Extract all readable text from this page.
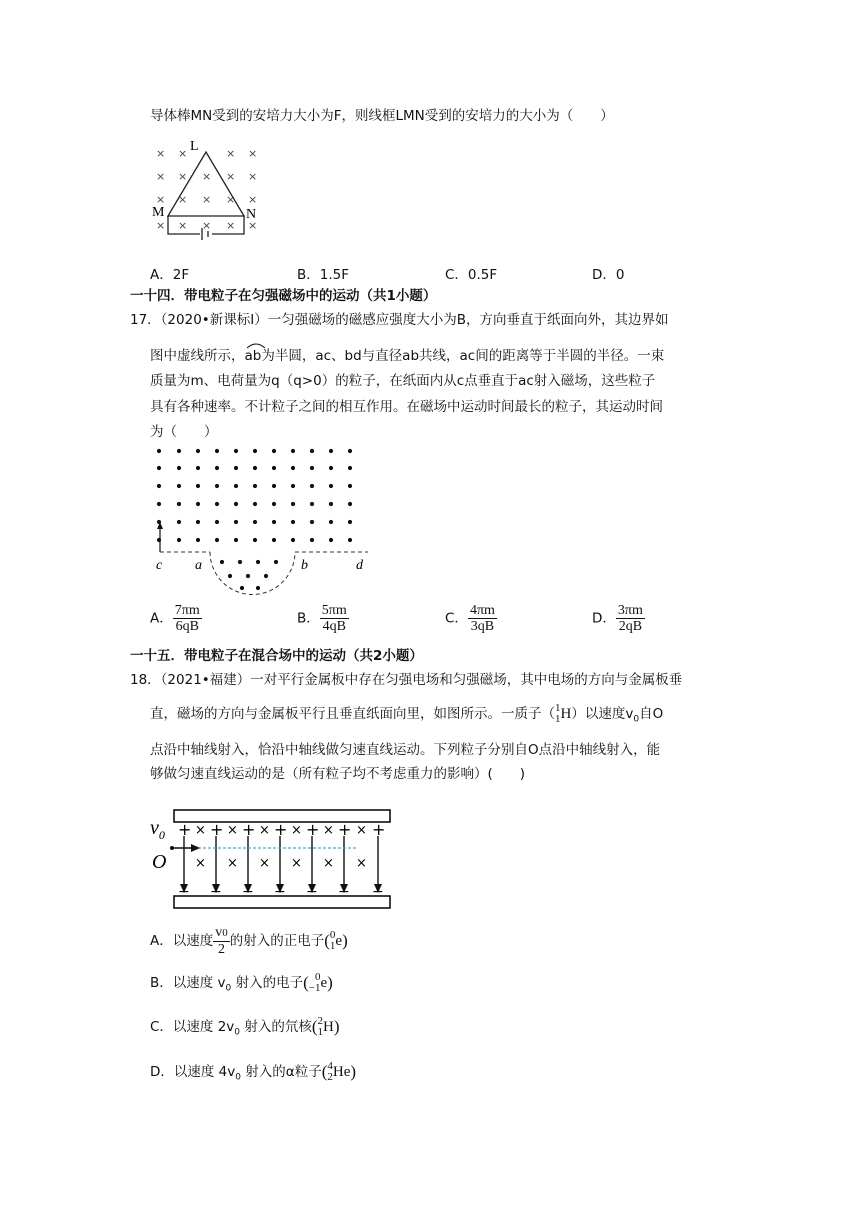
导体棒MN受到的安培力大小为F，则线框LMN受到的安培力的大小为（　　）
× ×	× ×
× × × × ×
× × × × ×
× × × × ×
L
M	N
A．2F	B．1.5F	C．0.5F	D．0
一十四．带电粒子在匀强磁场中的运动（共1小题）
17．（2020•新课标Ⅰ）一匀强磁场的磁感应强度大小为B，方向垂直于纸面向外，其边界如
图中虚线所示，
ab为半圆，ac、bd与直径ab共线，ac间的距离等于半圆的半径。一束
质量为m、电荷量为q（q>0）的粒子，在纸面内从c点垂直于ac射入磁场，这些粒子
具有各种速率。不计粒子之间的相互作用。在磁场中运动时间最长的粒子，其运动时间
为（　　）
c a	b	d
A． $\frac{7\pi m}{6qB}$	B． $\frac{5\pi m}{4qB}$	C． $\frac{4\pi m}{3qB}$	D． $\frac{3\pi m}{2qB}$
一十五．带电粒子在混合场中的运动（共2小题）
18．（2021•福建）一对平行金属板中存在匀强电场和匀强磁场，其中电场的方向与金属板垂
直，磁场的方向与金属板平行且垂直纸面向里，如图所示。一质子（ 1
1 H）以速度$v_0$自O
点沿中轴线射入，恰沿中轴线做匀速直线运动。下列粒子分别自O点沿中轴线射入，能
够做匀速直线运动的是（所有粒子均不考虑重力的影响）(　　)
+
−
+
−
+
−
+
−
+
−
+
−
+
−
×
×
×
×
×
×
×
×
×
×
×
×
$v_0$
O
A．以速度 $\frac{v0}{2}$ 的射入的正电子( 0
1 e)
B．以速度 $v_0$ 射入的电子( 0
−1 e)
C．以速度 $2v_0$ 射入的氘核( 2
1 H)
D．以速度 $4v_0$ 射入的α粒子( 4
2 He)
